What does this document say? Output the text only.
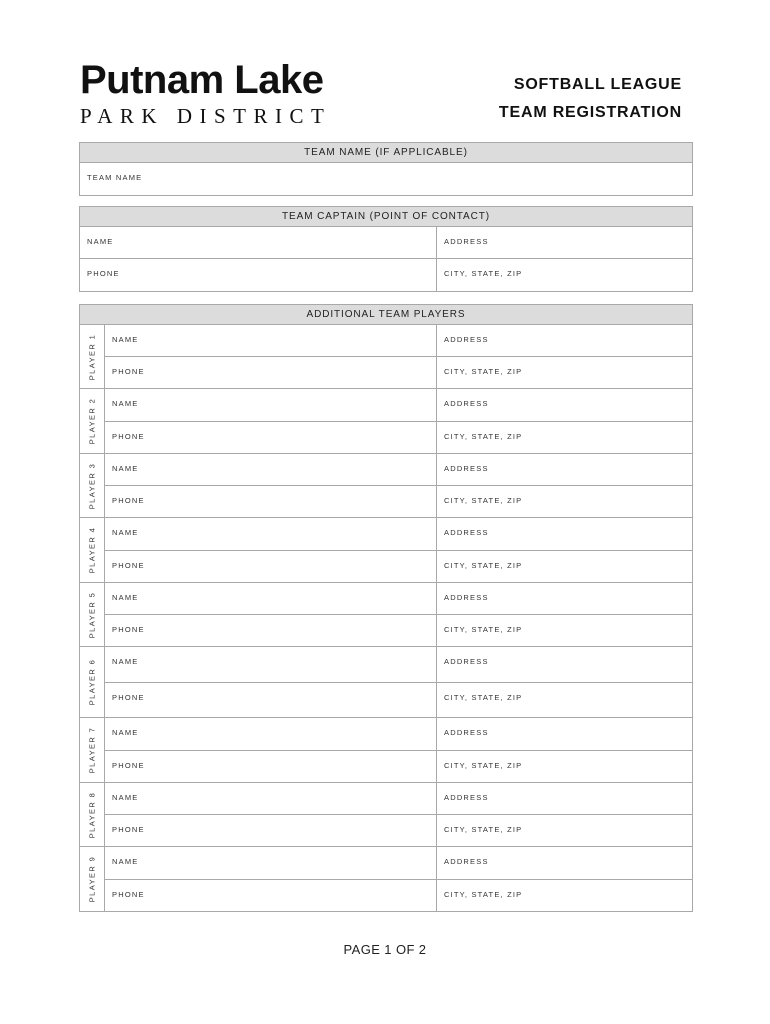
Putnam Lake
PARK DISTRICT
SOFTBALL LEAGUE
TEAM REGISTRATION
TEAM NAME (IF APPLICABLE)
TEAM NAME
TEAM CAPTAIN (POINT OF CONTACT)
NAME	ADDRESS
PHONE	CITY, STATE, ZIP
ADDITIONAL TEAM PLAYERS
PLAYER 1	NAME	ADDRESS
PHONE	CITY, STATE, ZIP
PLAYER 2	NAME	ADDRESS
PHONE	CITY, STATE, ZIP
PLAYER 3	NAME	ADDRESS
PHONE	CITY, STATE, ZIP
PLAYER 4	NAME	ADDRESS
PHONE	CITY, STATE, ZIP
PLAYER 5	NAME	ADDRESS
PHONE	CITY, STATE, ZIP
PLAYER 6	NAME	ADDRESS
PHONE	CITY, STATE, ZIP
PLAYER 7	NAME	ADDRESS
PHONE	CITY, STATE, ZIP
PLAYER 8	NAME	ADDRESS
PHONE	CITY, STATE, ZIP
PLAYER 9	NAME	ADDRESS
PHONE	CITY, STATE, ZIP
PAGE 1 OF 2
